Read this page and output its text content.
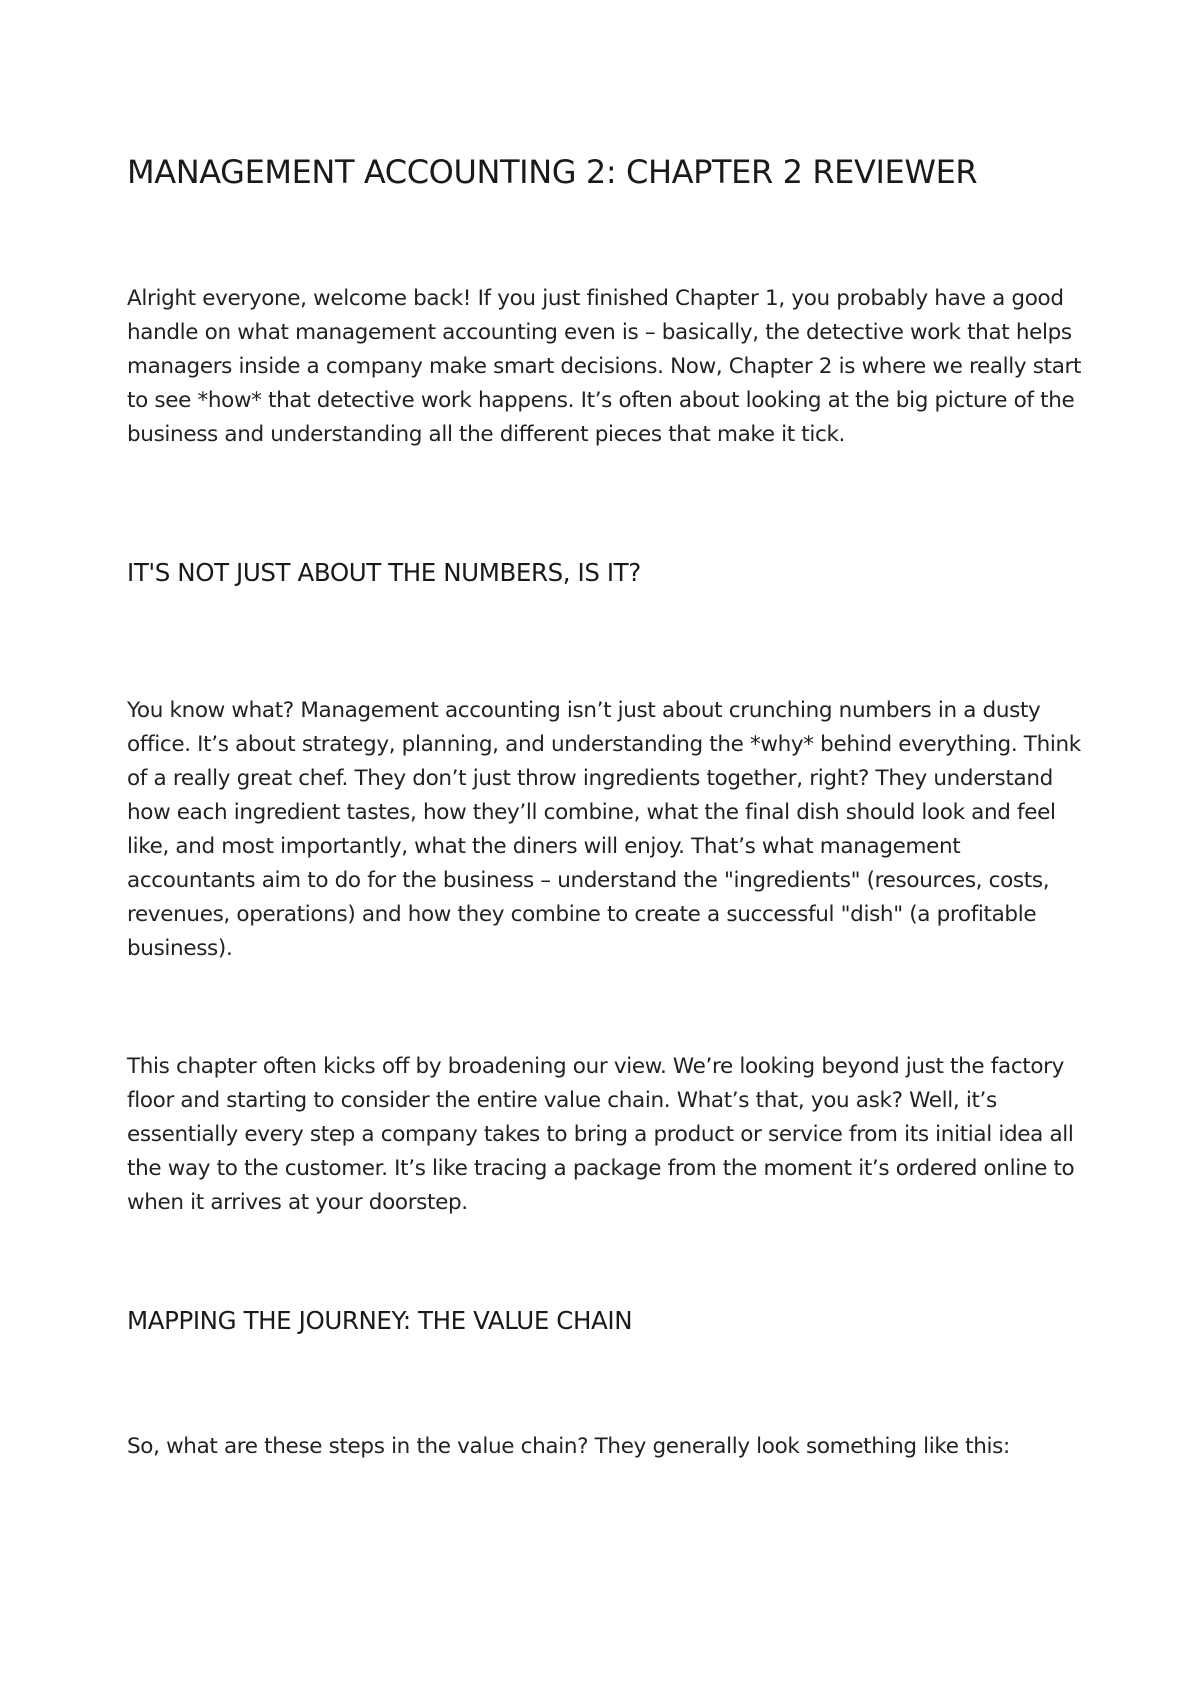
MANAGEMENT ACCOUNTING 2: CHAPTER 2 REVIEWER

Alright everyone, welcome back! If you just finished Chapter 1, you probably have a good handle on what management accounting even is – basically, the detective work that helps managers inside a company make smart decisions. Now, Chapter 2 is where we really start to see *how* that detective work happens. It’s often about looking at the big picture of the business and understanding all the different pieces that make it tick.

IT'S NOT JUST ABOUT THE NUMBERS, IS IT?

You know what? Management accounting isn’t just about crunching numbers in a dusty office. It’s about strategy, planning, and understanding the *why* behind everything. Think of a really great chef. They don’t just throw ingredients together, right? They understand how each ingredient tastes, how they’ll combine, what the final dish should look and feel like, and most importantly, what the diners will enjoy. That’s what management accountants aim to do for the business – understand the "ingredients" (resources, costs, revenues, operations) and how they combine to create a successful "dish" (a profitable business).

This chapter often kicks off by broadening our view. We’re looking beyond just the factory floor and starting to consider the entire value chain. What’s that, you ask? Well, it’s essentially every step a company takes to bring a product or service from its initial idea all the way to the customer. It’s like tracing a package from the moment it’s ordered online to when it arrives at your doorstep.

MAPPING THE JOURNEY: THE VALUE CHAIN

So, what are these steps in the value chain? They generally look something like this:
